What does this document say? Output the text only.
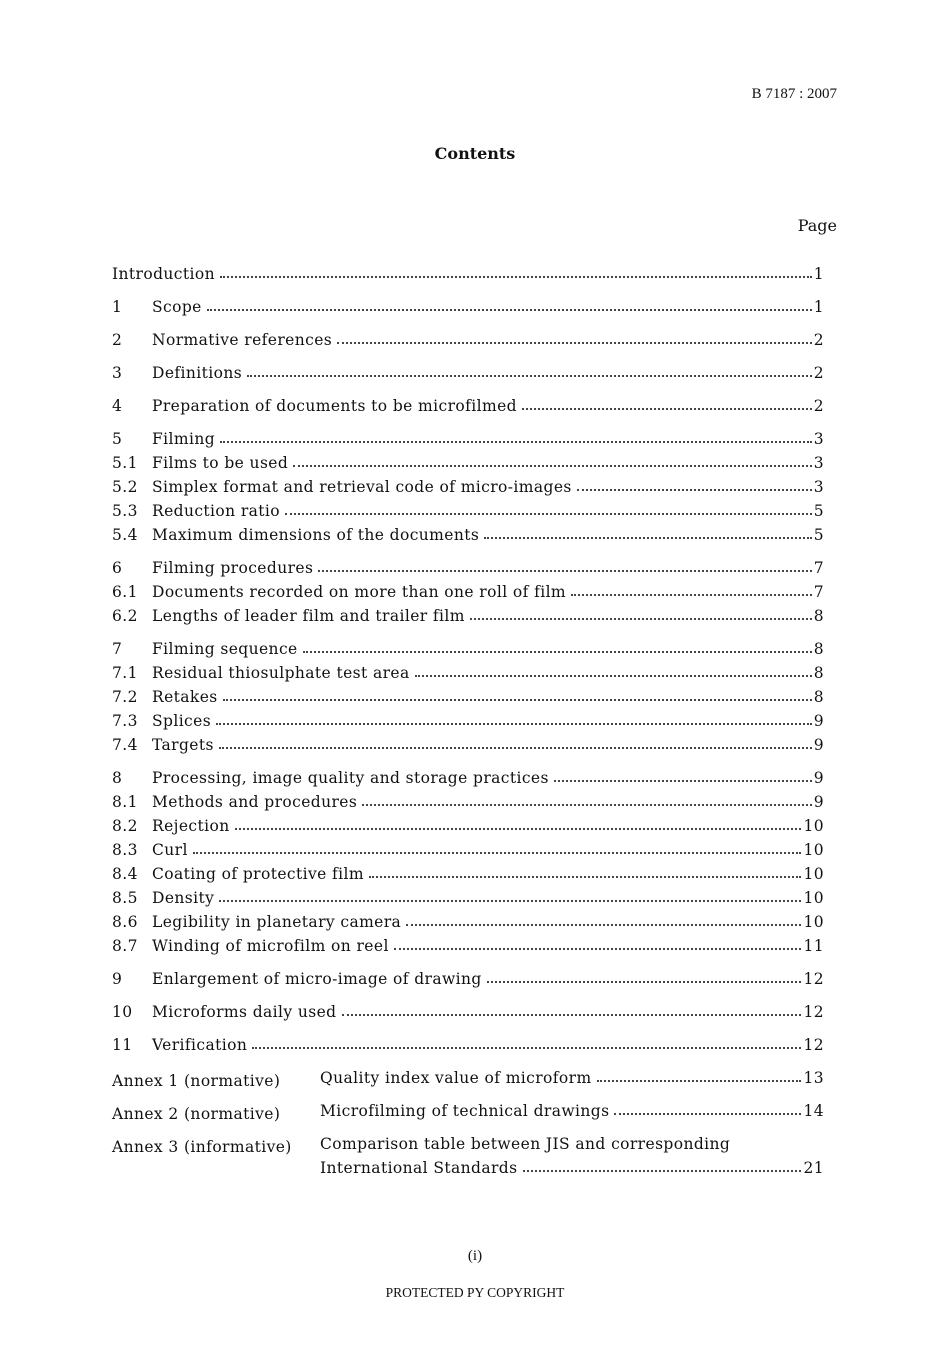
B 7187 : 2007
Contents
Page
Introduction	1
1	Scope	1
2	Normative references	2
3	Definitions	2
4	Preparation of documents to be microfilmed	2
5	Filming	3
5.1 Films to be used	3
5.2 Simplex format and retrieval code of micro-images	3
5.3 Reduction ratio	5
5.4 Maximum dimensions of the documents	5
6	Filming procedures	7
6.1 Documents recorded on more than one roll of film	7
6.2 Lengths of leader film and trailer film	8
7	Filming sequence	8
7.1 Residual thiosulphate test area	8
7.2 Retakes	8
7.3 Splices	9
7.4 Targets	9
8	Processing, image quality and storage practices	9
8.1 Methods and procedures	9
8.2 Rejection	10
8.3 Curl	10
8.4 Coating of protective film	10
8.5 Density	10
8.6 Legibility in planetary camera	10
8.7 Winding of microfilm on reel	11
9	Enlargement of micro-image of drawing	12
10	Microforms daily used	12
11	Verification	12
Annex 1 (normative)	Quality index value of microform	13
Annex 2 (normative)	Microfilming of technical drawings	14
Annex 3 (informative)	Comparison table between JIS and corresponding
International Standards	21
(i)
PROTECTED PY COPYRIGHT
